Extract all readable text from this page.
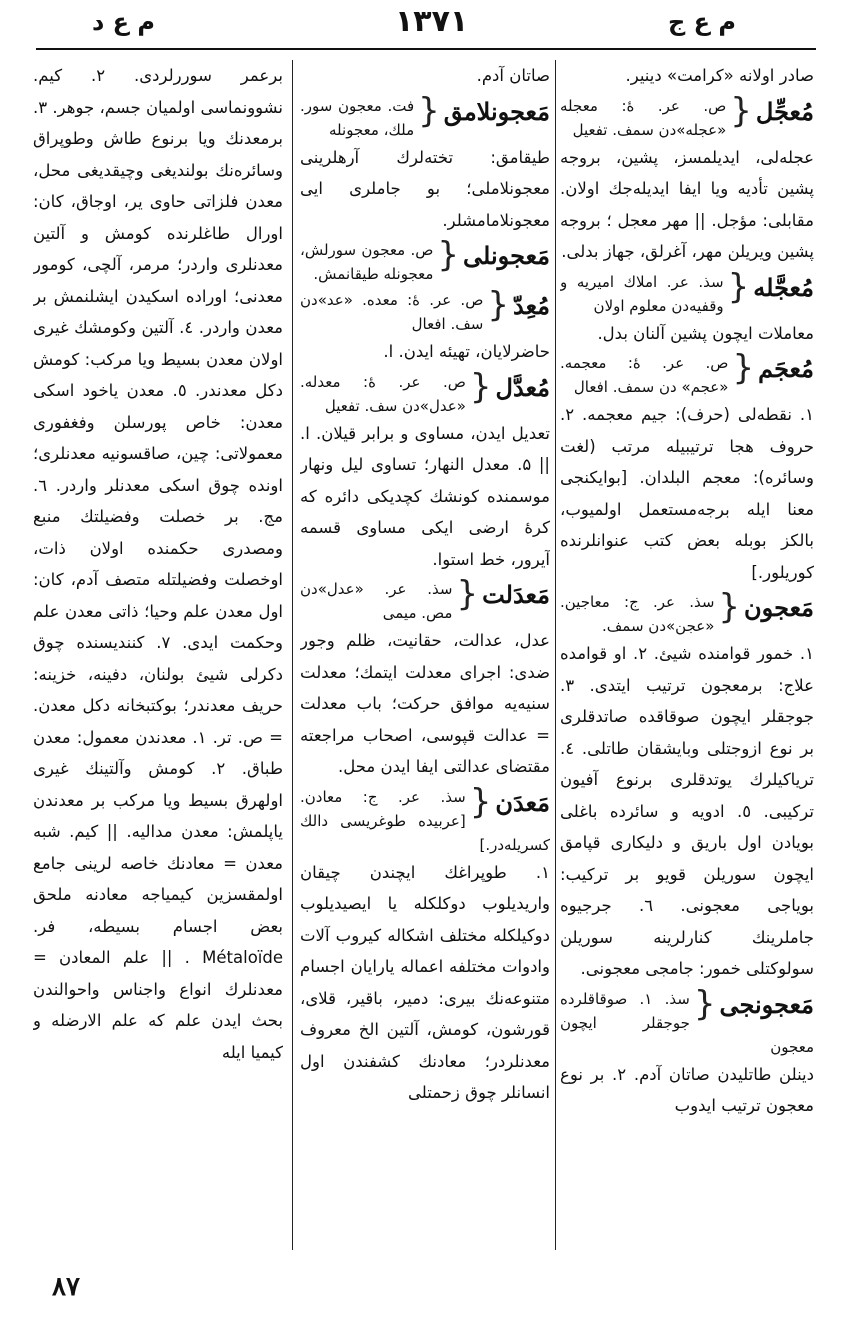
م ع د	١٣٧١	م ع ج
صادر اولانه «کرامت» دینیر.
مُعجِّل
{
ص. عر. ‌ۀ: معجله «عجله»دن سمف. تفعیل
عجله‌لی، ایدیلمسز، پشین، بروجه پشین تأدیه ویا ایفا ایدیله‌جك اولان. مقابلی: مؤجل. || مهر معجل ؛ بروجه پشین ویریلن مهر، آغرلق، جهاز بدلی.
مُعجَّله
{
سذ. عر. املاك امیریه و وقفیه‌دن معلوم اولان
معاملات ایچون پشین آلنان بدل.
مُعجَم
{
ص. عر. ‌ۀ: معجمه. «عجم» دن سمف. افعال
١. نقطه‌لی (حرف): جیم معجمه. ٢. حروف هجا ترتیبیله مرتب (لغت وسائره): معجم البلدان. [بوایکنجی معنا ایله برجه‌مستعمل اولمیوب، بالکز بوبله بعض کتب عنوانلرنده کوریلور.]
مَعجون
{
سذ. عر. ج: معاجین. «عجن»دن سمف.
١. خمور قوامنده شیئ. ٢. او قوامده علاج: برمعجون ترتیب ایتدی. ٣. جوجقلر ایچون صوقاقده صاتدقلری بر نوع ازوجتلی وبایشقان طاتلی. ٤. تریاکیلرك یوتدقلری برنوع آفیون ترکیبی. ٥. ادویه و سائرده باغلی بویادن اول باریق و دلیکاری قپامق ایچون سوریلن قویو بر ترکیب: بویاجی معجونی. ٦. جرجیوه جاملرینك کنارلرینه سوریلن سولوکتلی خمور: جامجی معجونی.
مَعجونجی
{
سذ. ١. صوقاقلرده جوجقلر ایچون معجون
دینلن طاتلیدن صاتان آدم. ٢. بر نوع معجون ترتیب ایدوب
صاتان آدم.
مَعجونلامق
{
فت. معجون سور. ملك، معجونله
طیقامق: تخته‌لرك آرهلرینی معجونلاملی؛ بو جاملری ایی معجونلامامشلر.
مَعجونلی
{
ص. معجون سورلش، معجونله طیقانمش.
مُعِدّ
{
ص. عر. ‌ۀ: معده. «عد»دن سف. افعال
حاضرلایان، تهیئه ایدن. ا.
مُعدَّل
{
ص. عر. ‌ۀ: معدله. «عدل»دن سف. تفعیل
تعدیل ایدن، مساوی و برابر قیلان. ا. || ۵. معدل النهار؛ تساوی لیل ونهار موسمنده کونشك کچدیکی دائره که کرۀ ارضی ایکی مساوی قسمه آیرور، خط استوا.
مَعدَلت
{
سذ. عر. «عدل»دن مص. میمی
عدل، عدالت، حقانیت، ظلم وجور ضدی: اجرای معدلت ایتمك؛ معدلت سنیه‌یه موافق حرکت؛ باب معدلت = عدالت قپوسی، اصحاب مراجعته مقتضای عدالتی ایفا ایدن محل.
مَعدَن
{
سذ. عر. ج: معادن. [عربیده طوغریسی دالك کسریله‌در.]
١. طوپراغك ایچندن چیقان واریدیلوب دوکلکله یا ایصیدیلوب دوکیلکله مختلف اشکاله کیروب آلات وادوات مختلفه اعماله یارایان اجسام متنوعه‌نك بیری: دمیر، باقیر، قلای، قورشون، کومش، آلتین الخ معروف معدنلردر؛ معادنك کشفندن اول انسانلر چوق زحمتلی
برعمر سوررلردی. ٢. کیم. نشوونماسی اولمیان جسم، جوهر. ٣. برمعدنك ویا برنوع طاش وطوپراق وسائره‌نك بولندیغی وچیقدیغی محل، معدن فلزاتی حاوی یر، اوجاق، کان: اورال طاغلرنده کومش و آلتین معدنلری واردر؛ مرمر، آلچی، کومور معدنی؛ اوراده اسکیدن ایشلنمش بر معدن واردر. ٤. آلتین وکومشك غیری اولان معدن بسیط ویا مرکب: کومش دکل معدندر. ٥. معدن یاخود اسکی معدن: خاص پورسلن وفغفوری معمولاتی: چین، صاقسونیه معدنلری؛ اونده چوق اسکی معدنلر واردر. ٦. مج. بر خصلت وفضیلتك منبع ومصدری حکمنده اولان ذات، اوخصلت وفضیلتله متصف آدم، کان: اول معدن علم وحیا؛ ذاتی معدن علم وحکمت ایدی. ٧. کنندیسنده چوق دکرلی شیئ بولنان، دفینه، خزینه: حریف معدندر؛ بوکتبخانه دکل معدن. = ص. تر. ١. معدندن معمول: معدن طباق. ٢. کومش وآلتینك غیری اولهرق بسیط ویا مرکب بر معدندن یاپلمش: معدن مدالیه. || کیم. شبه معدن = معادنك خاصه لرینی جامع اولمقسزین کیمیاجه معادنه ملحق بعض اجسام بسیطه، فر. Métaloïde . || علم المعادن = معدنلرك انواع واجناس واحوالندن بحث ایدن علم که علم الارضله و کیمیا ایله
٨٧
